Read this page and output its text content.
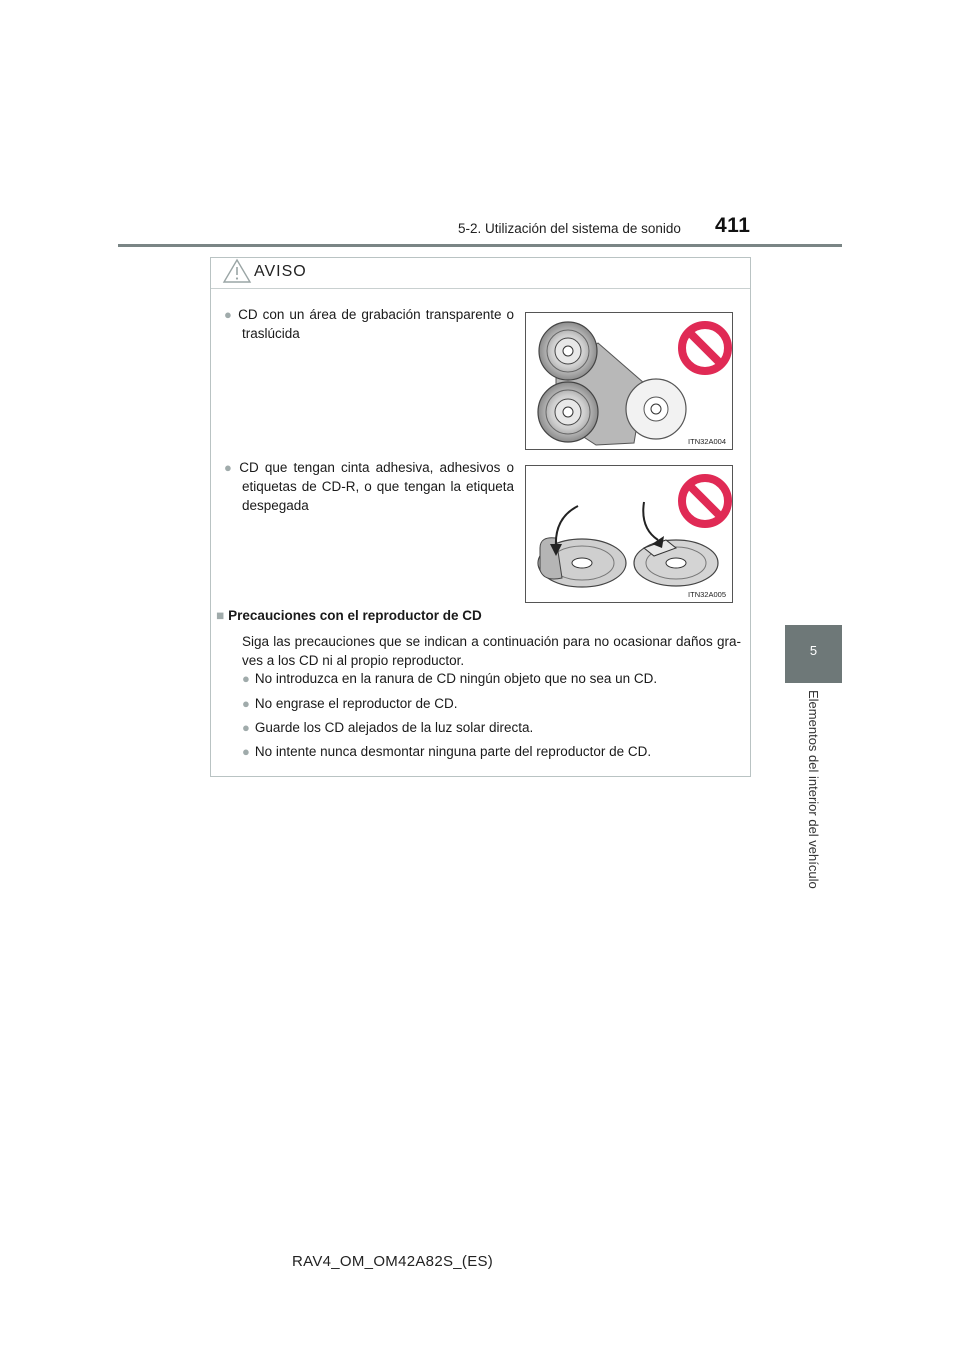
5-2. Utilización del sistema de sonido 411
5
Elementos del interior del vehículo
AVISO
● CD con un área de grabación transparente o traslúcida
ITN32A004
● CD que tengan cinta adhesiva, adhesivos o etiquetas de CD-R, o que tengan la etiqueta despegada
ITN32A005
■ Precauciones con el reproductor de CD
Siga las precauciones que se indican a continuación para no ocasionar daños gra-ves a los CD ni al propio reproductor.
● No introduzca en la ranura de CD ningún objeto que no sea un CD.
● No engrase el reproductor de CD.
● Guarde los CD alejados de la luz solar directa.
● No intente nunca desmontar ninguna parte del reproductor de CD.
RAV4_OM_OM42A82S_(ES)
